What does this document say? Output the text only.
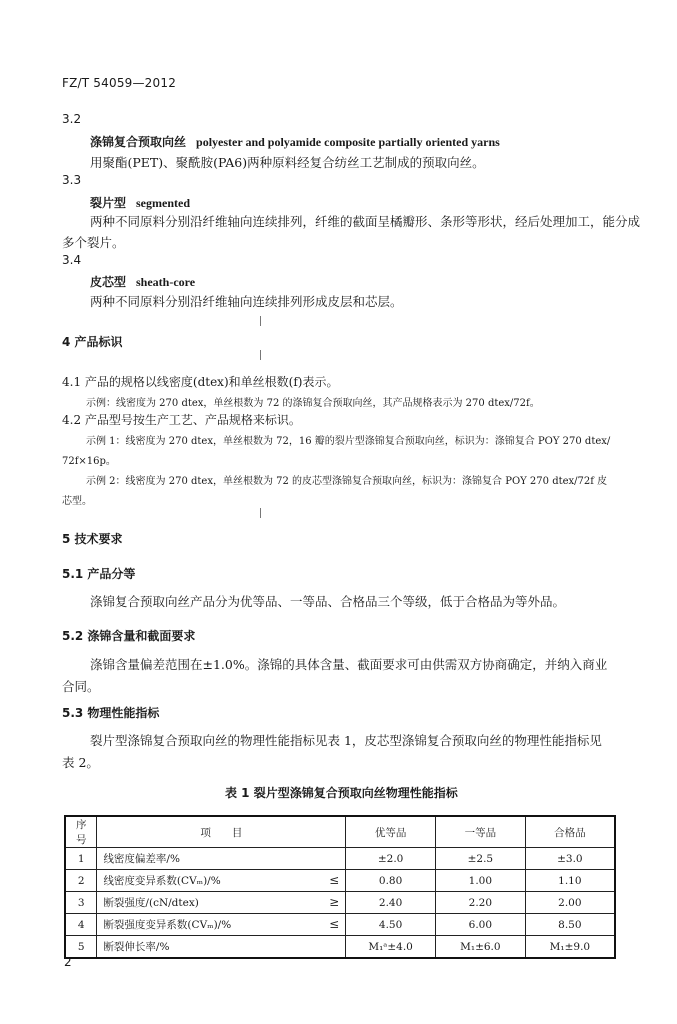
FZ/T 54059—2012
3.2
涤锦复合预取向丝 polyester and polyamide composite partially oriented yarns
用聚酯(PET)、聚酰胺(PA6)两种原料经复合纺丝工艺制成的预取向丝。
3.3
裂片型 segmented
两种不同原料分别沿纤维轴向连续排列，纤维的截面呈橘瓣形、条形等形状，经后处理加工，能分成
多个裂片。
3.4
皮芯型 sheath-core
两种不同原料分别沿纤维轴向连续排列形成皮层和芯层。
4 产品标识
4.1 产品的规格以线密度(dtex)和单丝根数(f)表示。
示例：线密度为 270 dtex，单丝根数为 72 的涤锦复合预取向丝，其产品规格表示为 270 dtex/72f。
4.2 产品型号按生产工艺、产品规格来标识。
示例 1：线密度为 270 dtex，单丝根数为 72，16 瓣的裂片型涤锦复合预取向丝，标识为：涤锦复合 POY 270 dtex/
72f×16p。
示例 2：线密度为 270 dtex，单丝根数为 72 的皮芯型涤锦复合预取向丝，标识为：涤锦复合 POY 270 dtex/72f 皮
芯型。
5 技术要求
5.1 产品分等
涤锦复合预取向丝产品分为优等品、一等品、合格品三个等级，低于合格品为等外品。
5.2 涤锦含量和截面要求
涤锦含量偏差范围在±1.0%。涤锦的具体含量、截面要求可由供需双方协商确定，并纳入商业
合同。
5.3 物理性能指标
裂片型涤锦复合预取向丝的物理性能指标见表 1，皮芯型涤锦复合预取向丝的物理性能指标见
表 2。
表 1 裂片型涤锦复合预取向丝物理性能指标
序号	项　　目	优等品	一等品	合格品
1	线密度偏差率/%	±2.0	±2.5	±3.0
2	线密度变异系数(CVₘ)/% ≤	0.80	1.00	1.10
3	断裂强度/(cN/dtex) ≥	2.40	2.20	2.00
4	断裂强度变异系数(CVₘ)/% ≤	4.50	6.00	8.50
5	断裂伸长率/%	M₁ᵃ±4.0	M₁±6.0	M₁±9.0
2
